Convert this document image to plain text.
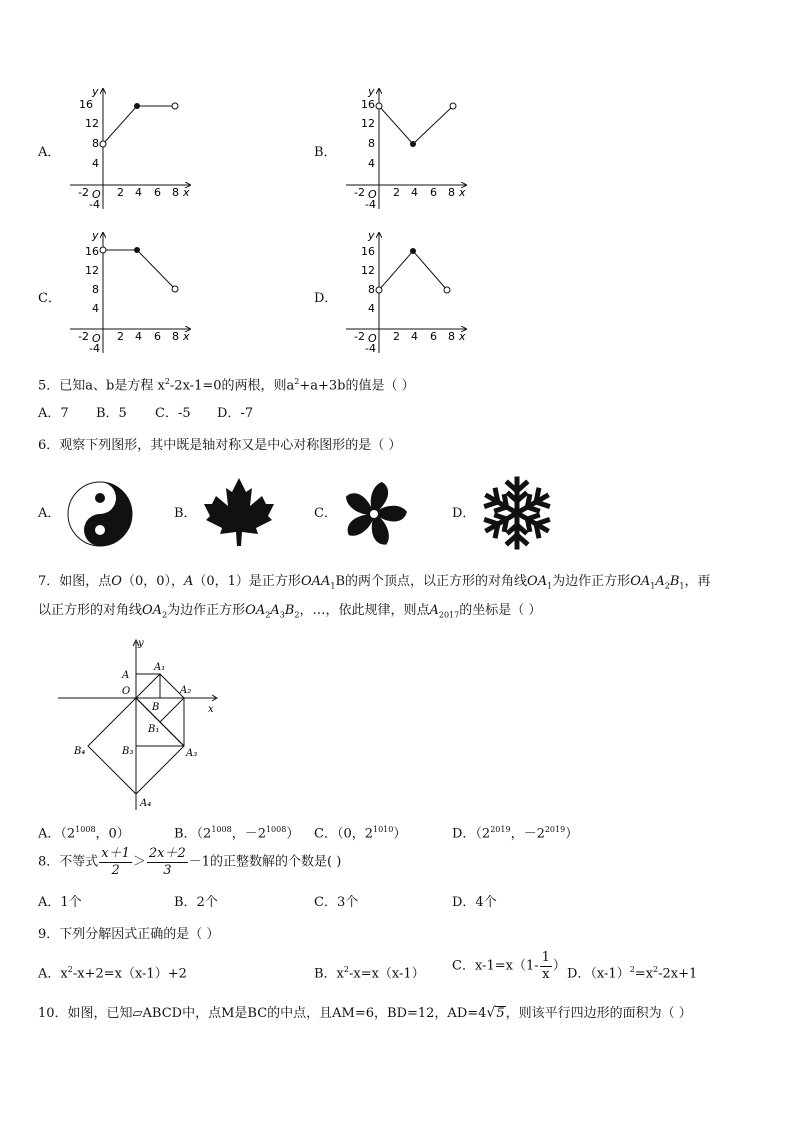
A．
16
12
8
4
-4
-2 O 2 4 6 8 x
y
B．
16
12
8
4
-4
-2 O 2 4 6 8 x
y
C．
16
12
8
4
-4
-2 O 2 4 6 8 x
y
D．
16
12
8
4
-4
-2 O 2 4 6 8 x
y
5．已知a、b是方程 $x^2-2x-1=0$的两根，则$a^2+a+3b$的值是（ ）
A．7 B．5 C．-5 D．-7
6．观察下列图形，其中既是轴对称又是中心对称图形的是（ ）
A．	B．	C．	D．
7．如图，点O（0，0），A（0，1）是正方形$OAA_1B$的两个顶点，以正方形的对角线$OA_1$为边作正方形$OA_1A_2B_1$，再
以正方形的对角线$OA_2$为边作正方形$OA_2A_3B_2$，…，依此规律，则点$A_{2017}$的坐标是（ ）
y
A
A₁
A₂
O
B
B₁
B₃
B₄	A₃
A₄
x
A．（$2^{1008}$，0）	B．（$2^{1008}$，$-2^{1008}$） C．（0，$2^{1010}$）	D．（$2^{2019}$，$-2^{2019}$）
8．不等式 $\frac{x+1}{2} > \frac{2x+2}{3} -1$的正整数解的个数是( )
A．1个	B．2个	C．3个	D．4个
9．下列分解因式正确的是（ ）
A．$x^2-x+2=x(x-1)+2$	B．$x^2-x=x(x-1)$
C．$x-1=x(1- \frac{1}{x}$ ）
D．$(x-1)^2=x^2-2x+1$
10．如图，已知▱ABCD中，点M是BC的中点，且AM=6，BD=12，AD=4√5，则该平行四边形的面积为（ ）
